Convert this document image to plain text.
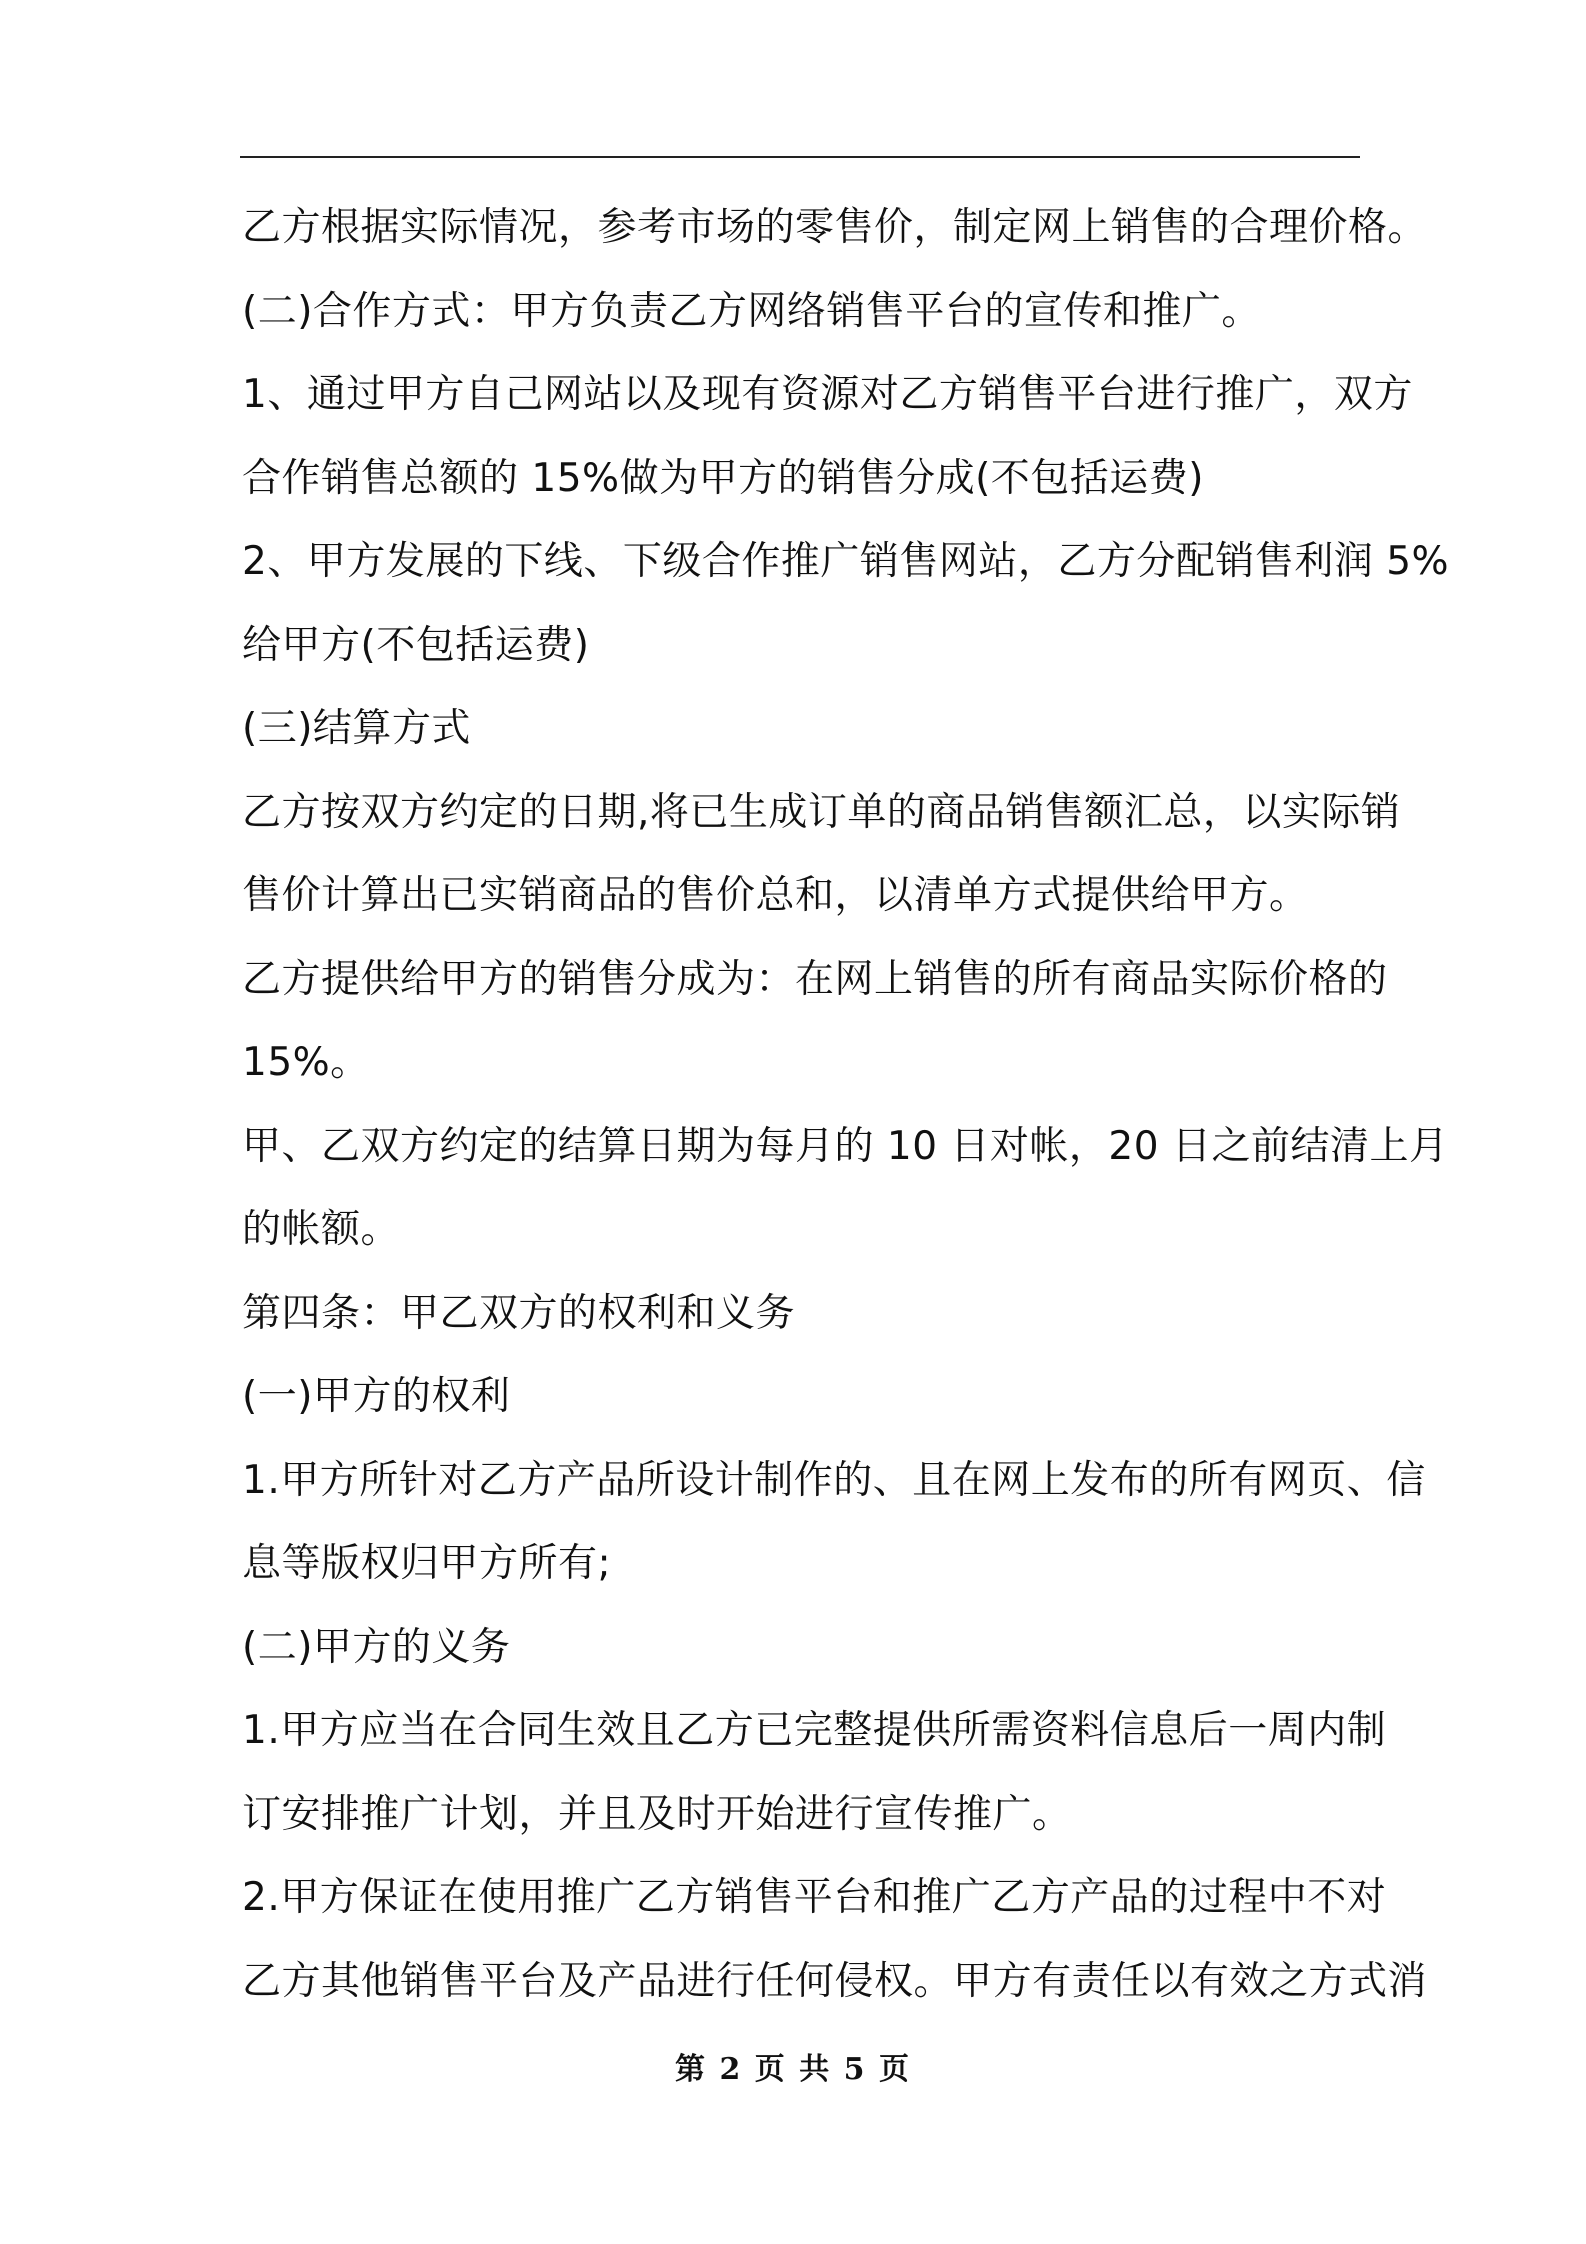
乙方根据实际情况，参考市场的零售价，制定网上销售的合理价格。
(二)合作方式：甲方负责乙方网络销售平台的宣传和推广。
1、通过甲方自己网站以及现有资源对乙方销售平台进行推广，双方
合作销售总额的 15%做为甲方的销售分成(不包括运费)
2、甲方发展的下线、下级合作推广销售网站，乙方分配销售利润 5%
给甲方(不包括运费)
(三)结算方式
乙方按双方约定的日期,将已生成订单的商品销售额汇总，以实际销
售价计算出已实销商品的售价总和，以清单方式提供给甲方。
乙方提供给甲方的销售分成为：在网上销售的所有商品实际价格的
15%。
甲、乙双方约定的结算日期为每月的 10 日对帐，20 日之前结清上月
的帐额。
第四条：甲乙双方的权利和义务
(一)甲方的权利
1.甲方所针对乙方产品所设计制作的、且在网上发布的所有网页、信
息等版权归甲方所有;
(二)甲方的义务
1.甲方应当在合同生效且乙方已完整提供所需资料信息后一周内制
订安排推广计划，并且及时开始进行宣传推广。
2.甲方保证在使用推广乙方销售平台和推广乙方产品的过程中不对
乙方其他销售平台及产品进行任何侵权。甲方有责任以有效之方式消
第 2 页 共 5 页
